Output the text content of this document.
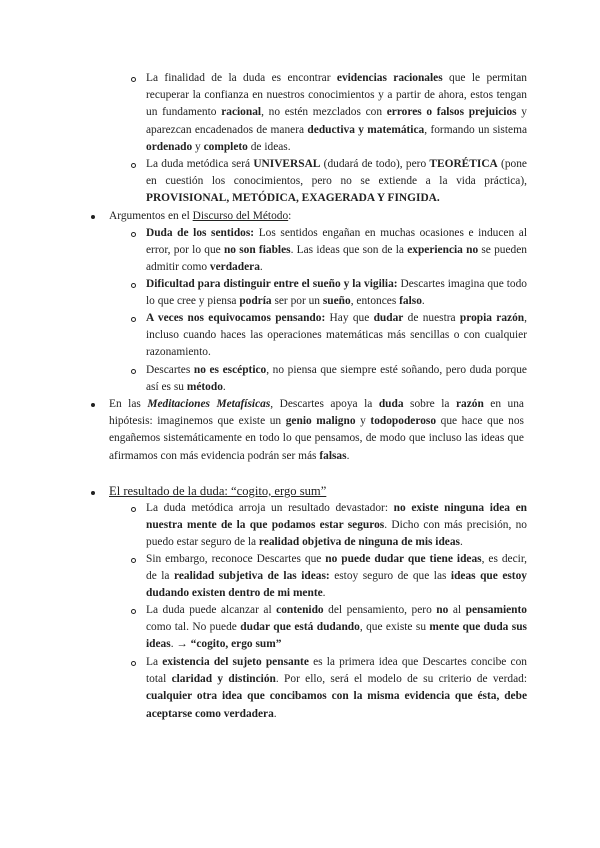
La finalidad de la duda es encontrar evidencias racionales que le permitan recuperar la confianza en nuestros conocimientos y a partir de ahora, estos tengan un fundamento racional, no estén mezclados con errores o falsos prejuicios y aparezcan encadenados de manera deductiva y matemática, formando un sistema ordenado y completo de ideas.
La duda metódica será UNIVERSAL (dudará de todo), pero TEORÉTICA (pone en cuestión los conocimientos, pero no se extiende a la vida práctica), PROVISIONAL, METÓDICA, EXAGERADA Y FINGIDA.
Argumentos en el Discurso del Método:
Duda de los sentidos: Los sentidos engañan en muchas ocasiones e inducen al error, por lo que no son fiables. Las ideas que son de la experiencia no se pueden admitir como verdadera.
Dificultad para distinguir entre el sueño y la vigilia: Descartes imagina que todo lo que cree y piensa podría ser por un sueño, entonces falso.
A veces nos equivocamos pensando: Hay que dudar de nuestra propia razón, incluso cuando haces las operaciones matemáticas más sencillas o con cualquier razonamiento.
Descartes no es escéptico, no piensa que siempre esté soñando, pero duda porque así es su método.
En las Meditaciones Metafísicas, Descartes apoya la duda sobre la razón en una hipótesis: imaginemos que existe un genio maligno y todopoderoso que hace que nos engañemos sistemáticamente en todo lo que pensamos, de modo que incluso las ideas que afirmamos con más evidencia podrán ser más falsas.
El resultado de la duda: “cogito, ergo sum”
La duda metódica arroja un resultado devastador: no existe ninguna idea en nuestra mente de la que podamos estar seguros. Dicho con más precisión, no puedo estar seguro de la realidad objetiva de ninguna de mis ideas.
Sin embargo, reconoce Descartes que no puede dudar que tiene ideas, es decir, de la realidad subjetiva de las ideas: estoy seguro de que las ideas que estoy dudando existen dentro de mi mente.
La duda puede alcanzar al contenido del pensamiento, pero no al pensamiento como tal. No puede dudar que está dudando, que existe su mente que duda sus ideas. → “cogito, ergo sum”
La existencia del sujeto pensante es la primera idea que Descartes concibe con total claridad y distinción. Por ello, será el modelo de su criterio de verdad: cualquier otra idea que concibamos con la misma evidencia que ésta, debe aceptarse como verdadera.
